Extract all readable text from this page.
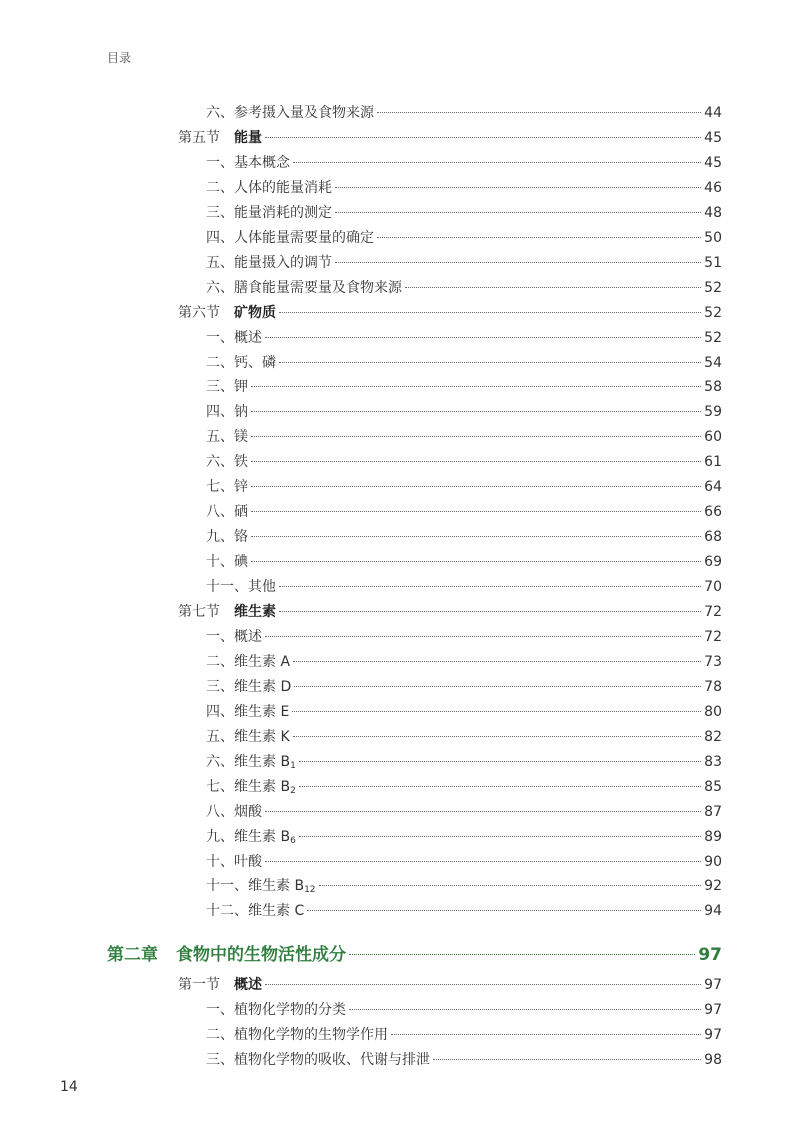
目录
六、参考摄入量及食物来源	44
第五节 能量	45
一、基本概念	45
二、人体的能量消耗	46
三、能量消耗的测定	48
四、人体能量需要量的确定	50
五、能量摄入的调节	51
六、膳食能量需要量及食物来源	52
第六节 矿物质	52
一、概述	52
二、钙、磷	54
三、钾	58
四、钠	59
五、镁	60
六、铁	61
七、锌	64
八、硒	66
九、铬	68
十、碘	69
十一、其他	70
第七节 维生素	72
一、概述	72
二、维生素 A	73
三、维生素 D	78
四、维生素 E	80
五、维生素 K	82
六、维生素 $B_1$	83
七、维生素 $B_2$	85
八、烟酸	87
九、维生素 $B_6$	89
十、叶酸	90
十一、维生素 $B_{12}$	92
十二、维生素 C	94
第二章 食物中的生物活性成分	97
第一节 概述	97
一、植物化学物的分类	97
二、植物化学物的生物学作用	97
三、植物化学物的吸收、代谢与排泄	98
14
